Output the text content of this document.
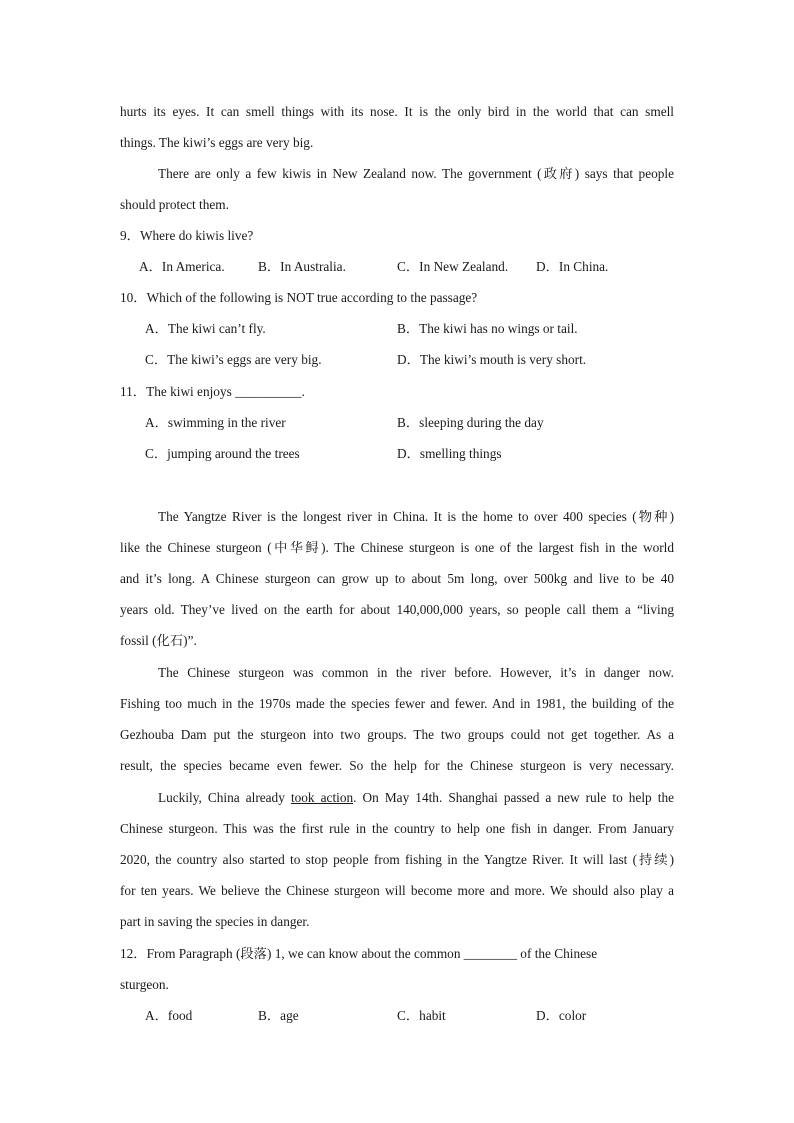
hurts its eyes. It can smell things with its nose. It is the only bird in the world that can smell
things. The kiwi’s eggs are very big.
There are only a few kiwis in New Zealand now. The government (政府) says that people
should protect them.
9．Where do kiwis live?
A．In America.	B．In Australia.	C．In New Zealand. D．In China.
10．Which of the following is NOT true according to the passage?
A．The kiwi can’t fly.	B．The kiwi has no wings or tail.
C．The kiwi’s eggs are very big.	D．The kiwi’s mouth is very short.
11．The kiwi enjoys __________.
A．swimming in the river	B．sleeping during the day
C．jumping around the trees	D．smelling things
The Yangtze River is the longest river in China. It is the home to over 400 species (物种)
like the Chinese sturgeon (中华鲟). The Chinese sturgeon is one of the largest fish in the world
and it’s long. A Chinese sturgeon can grow up to about 5m long, over 500kg and live to be 40
years old. They’ve lived on the earth for about 140,000,000 years, so people call them a “living
fossil (化石)”.
The Chinese sturgeon was common in the river before. However, it’s in danger now.
Fishing too much in the 1970s made the species fewer and fewer. And in 1981, the building of the
Gezhouba Dam put the sturgeon into two groups. The two groups could not get together. As a
result, the species became even fewer. So the help for the Chinese sturgeon is very necessary.
Luckily, China already took action. On May 14th. Shanghai passed a new rule to help the
Chinese sturgeon. This was the first rule in the country to help one fish in danger. From January
2020, the country also started to stop people from fishing in the Yangtze River. It will last (持续)
for ten years. We believe the Chinese sturgeon will become more and more. We should also play a
part in saving the species in danger.
12．From Paragraph (段落) 1, we can know about the common ________ of the Chinese
sturgeon.
A．food	B．age	C．habit	D．color
